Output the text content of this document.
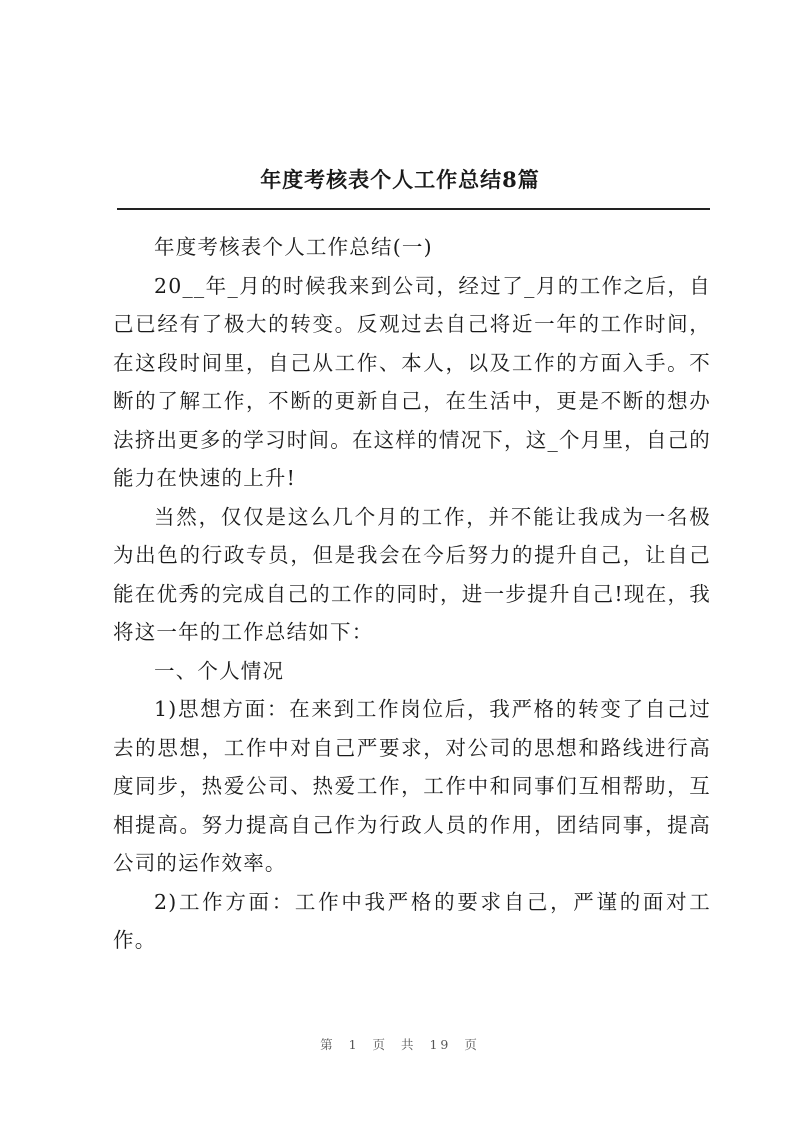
年度考核表个人工作总结8篇

年度考核表个人工作总结(一)

20__年_月的时候我来到公司，经过了_月的工作之后，自己已经有了极大的转变。反观过去自己将近一年的工作时间，在这段时间里，自己从工作、本人，以及工作的方面入手。不断的了解工作，不断的更新自己，在生活中，更是不断的想办法挤出更多的学习时间。在这样的情况下，这_个月里，自己的能力在快速的上升!

当然，仅仅是这么几个月的工作，并不能让我成为一名极为出色的行政专员，但是我会在今后努力的提升自己，让自己能在优秀的完成自己的工作的同时，进一步提升自己!现在，我将这一年的工作总结如下：

一、个人情况

1)思想方面：在来到工作岗位后，我严格的转变了自己过去的思想，工作中对自己严要求，对公司的思想和路线进行高度同步，热爱公司、热爱工作，工作中和同事们互相帮助，互相提高。努力提高自己作为行政人员的作用，团结同事，提高公司的运作效率。

2)工作方面：工作中我严格的要求自己，严谨的面对工作。

第 1 页 共 19 页
